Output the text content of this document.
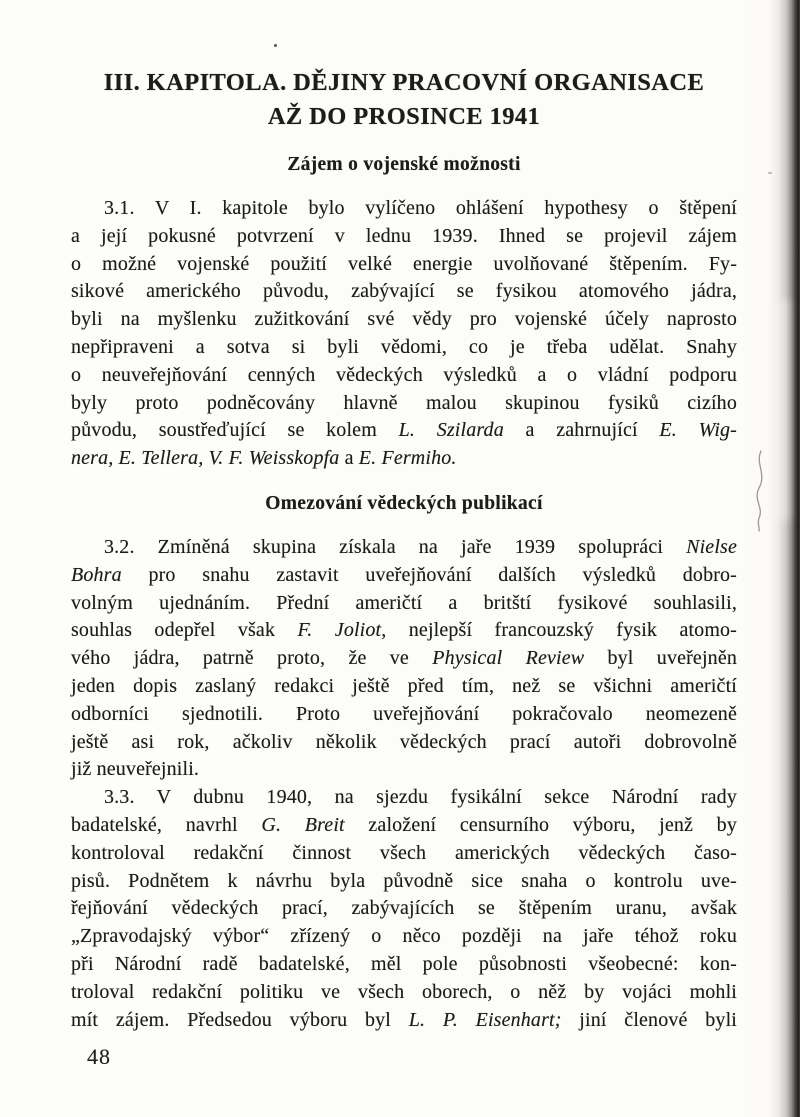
III. KAPITOLA. DĚJINY PRACOVNÍ ORGANISACE
AŽ DO PROSINCE 1941
Zájem o vojenské možnosti
3.1. V I. kapitole bylo vylíčeno ohlášení hypothesy o štěpení
a její pokusné potvrzení v lednu 1939. Ihned se projevil zájem
o možné vojenské použití velké energie uvolňované štěpením. Fy-
sikové amerického původu, zabývající se fysikou atomového jádra,
byli na myšlenku zužitkování své vědy pro vojenské účely naprosto
nepřipraveni a sotva si byli vědomi, co je třeba udělat. Snahy
o neuveřejňování cenných vědeckých výsledků a o vládní podporu
byly proto podněcovány hlavně malou skupinou fysiků cizího
původu, soustřeďující se kolem L. Szilarda a zahrnující E. Wig-
nera, E. Tellera, V. F. Weisskopfa a E. Fermiho.
Omezování vědeckých publikací
3.2. Zmíněná skupina získala na jaře 1939 spolupráci Nielse
Bohra pro snahu zastavit uveřejňování dalších výsledků dobro-
volným ujednáním. Přední američtí a britští fysikové souhlasili,
souhlas odepřel však F. Joliot, nejlepší francouzský fysik atomo-
vého jádra, patrně proto, že ve Physical Review byl uveřejněn
jeden dopis zaslaný redakci ještě před tím, než se všichni američtí
odborníci sjednotili. Proto uveřejňování pokračovalo neomezeně
ještě asi rok, ačkoliv několik vědeckých prací autoři dobrovolně
již neuveřejnili.
3.3. V dubnu 1940, na sjezdu fysikální sekce Národní rady
badatelské, navrhl G. Breit založení censurního výboru, jenž by
kontroloval redakční činnost všech amerických vědeckých časo-
pisů. Podnětem k návrhu byla původně sice snaha o kontrolu uve-
řejňování vědeckých prací, zabývajících se štěpením uranu, avšak
„Zpravodajský výbor“ zřízený o něco později na jaře téhož roku
při Národní radě badatelské, měl pole působnosti všeobecné: kon-
troloval redakční politiku ve všech oborech, o něž by vojáci mohli
mít zájem. Předsedou výboru byl L. P. Eisenhart; jiní členové byli
48
